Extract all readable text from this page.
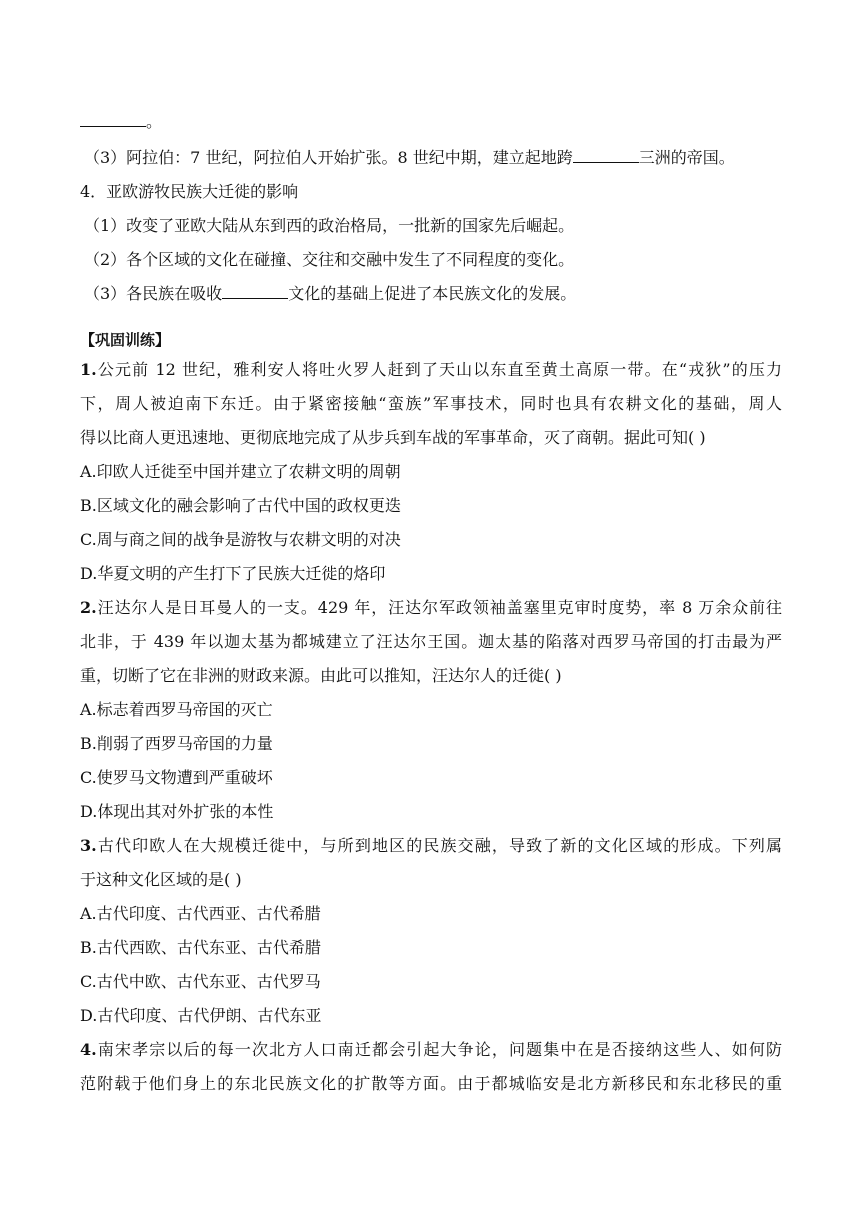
。
（3）阿拉伯：7 世纪，阿拉伯人开始扩张。8 世纪中期，建立起地跨	三洲的帝国。
4．亚欧游牧民族大迁徙的影响
（1）改变了亚欧大陆从东到西的政治格局，一批新的国家先后崛起。
（2）各个区域的文化在碰撞、交往和交融中发生了不同程度的变化。
（3）各民族在吸收	文化的基础上促进了本民族文化的发展。
【巩固训练】
1.公元前 12 世纪，雅利安人将吐火罗人赶到了天山以东直至黄土高原一带。在“戎狄”的压力
下，周人被迫南下东迁。由于紧密接触“蛮族”军事技术，同时也具有农耕文化的基础，周人
得以比商人更迅速地、更彻底地完成了从步兵到车战的军事革命，灭了商朝。据此可知( )
A.印欧人迁徙至中国并建立了农耕文明的周朝
B.区域文化的融会影响了古代中国的政权更迭
C.周与商之间的战争是游牧与农耕文明的对决
D.华夏文明的产生打下了民族大迁徙的烙印
2.汪达尔人是日耳曼人的一支。429 年，汪达尔军政领袖盖塞里克审时度势，率 8 万余众前往
北非，于 439 年以迦太基为都城建立了汪达尔王国。迦太基的陷落对西罗马帝国的打击最为严
重，切断了它在非洲的财政来源。由此可以推知，汪达尔人的迁徙( )
A.标志着西罗马帝国的灭亡
B.削弱了西罗马帝国的力量
C.使罗马文物遭到严重破坏
D.体现出其对外扩张的本性
3.古代印欧人在大规模迁徙中，与所到地区的民族交融，导致了新的文化区域的形成。下列属
于这种文化区域的是( )
A.古代印度、古代西亚、古代希腊
B.古代西欧、古代东亚、古代希腊
C.古代中欧、古代东亚、古代罗马
D.古代印度、古代伊朗、古代东亚
4.南宋孝宗以后的每一次北方人口南迁都会引起大争论，问题集中在是否接纳这些人、如何防
范附载于他们身上的东北民族文化的扩散等方面。由于都城临安是北方新移民和东北移民的重
